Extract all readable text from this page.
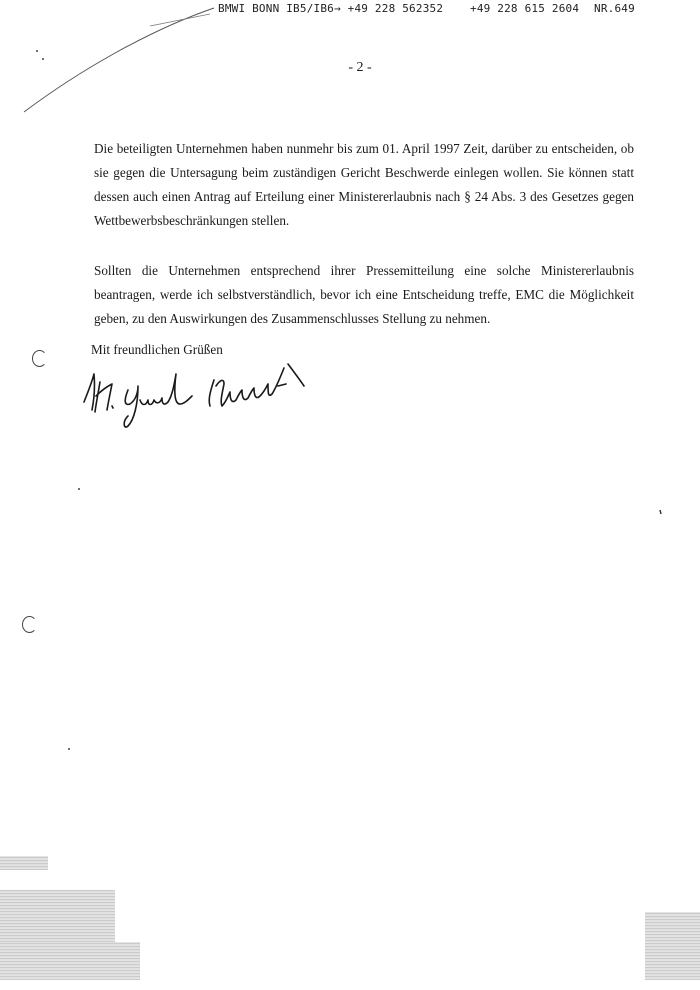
BMWI BONN IB5/IB6 → +49 228 562352 +49 228 615 2604 NR.649
- 2 -

Die beteiligten Unternehmen haben nunmehr bis zum 01. April 1997 Zeit, darüber zu entscheiden, ob sie gegen die Untersagung beim zuständigen Gericht Beschwerde einlegen wollen. Sie können statt dessen auch einen Antrag auf Erteilung einer Ministererlaubnis nach § 24 Abs. 3 des Gesetzes gegen Wettbewerbsbeschränkungen stellen.

Sollten die Unternehmen entsprechend ihrer Pressemitteilung eine solche Ministererlaubnis beantragen, werde ich selbstverständlich, bevor ich eine Entscheidung treffe, EMC die Möglichkeit geben, zu den Auswirkungen des Zusammenschlusses Stellung zu nehmen.

Mit freundlichen Grüßen
